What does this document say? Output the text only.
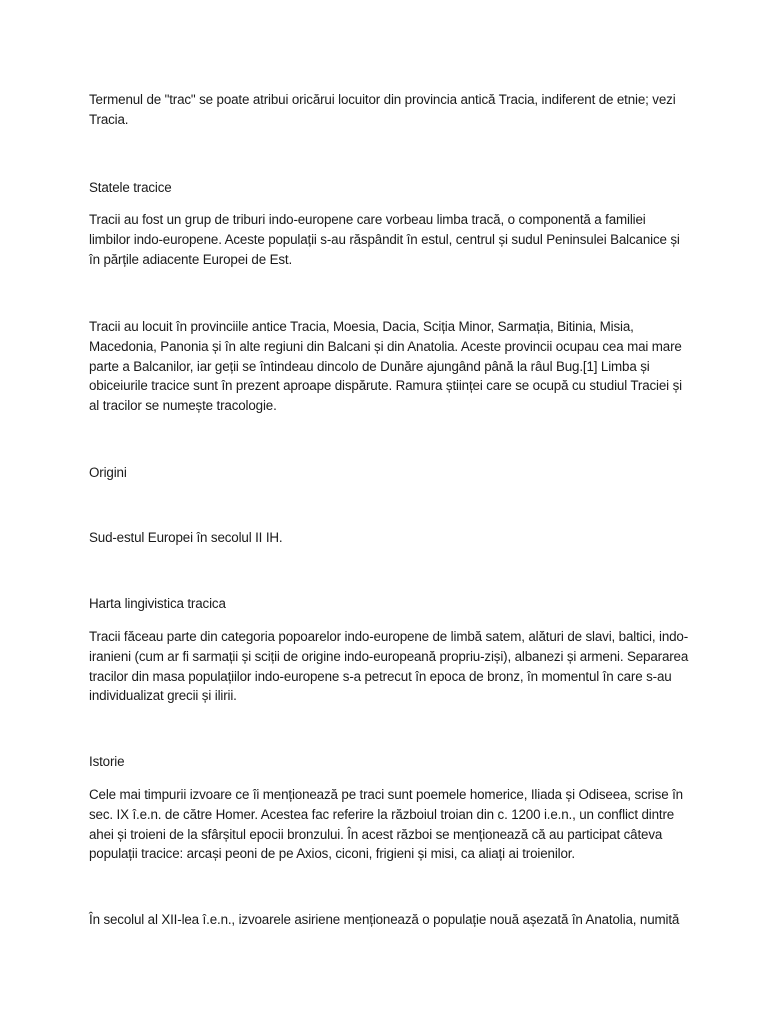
Termenul de "trac" se poate atribui oricărui locuitor din provincia antică Tracia, indiferent de etnie; vezi Tracia.

Statele tracice

Tracii au fost un grup de triburi indo-europene care vorbeau limba tracă, o componentă a familiei limbilor indo-europene. Aceste populații s-au răspândit în estul, centrul și sudul Peninsulei Balcanice și în părțile adiacente Europei de Est.

Tracii au locuit în provinciile antice Tracia, Moesia, Dacia, Sciția Minor, Sarmația, Bitinia, Misia, Macedonia, Panonia și în alte regiuni din Balcani și din Anatolia. Aceste provincii ocupau cea mai mare parte a Balcanilor, iar geții se întindeau dincolo de Dunăre ajungând până la râul Bug.[1] Limba și obiceiurile tracice sunt în prezent aproape dispărute. Ramura științei care se ocupă cu studiul Traciei și al tracilor se numește tracologie.

Origini

Sud-estul Europei în secolul II IH.

Harta lingivistica tracica

Tracii făceau parte din categoria popoarelor indo-europene de limbă satem, alături de slavi, baltici, indo-iranieni (cum ar fi sarmații și sciții de origine indo-europeană propriu-ziși), albanezi și armeni. Separarea tracilor din masa populațiilor indo-europene s-a petrecut în epoca de bronz, în momentul în care s-au individualizat grecii și ilirii.

Istorie

Cele mai timpurii izvoare ce îi menționează pe traci sunt poemele homerice, Iliada și Odiseea, scrise în sec. IX î.e.n. de către Homer. Acestea fac referire la războiul troian din c. 1200 i.e.n., un conflict dintre ahei și troieni de la sfârșitul epocii bronzului. În acest război se menționează că au participat câteva populații tracice: arcași peoni de pe Axios, ciconi, frigieni și misi, ca aliați ai troienilor.

În secolul al XII-lea î.e.n., izvoarele asiriene menționează o populație nouă așezată în Anatolia, numită
